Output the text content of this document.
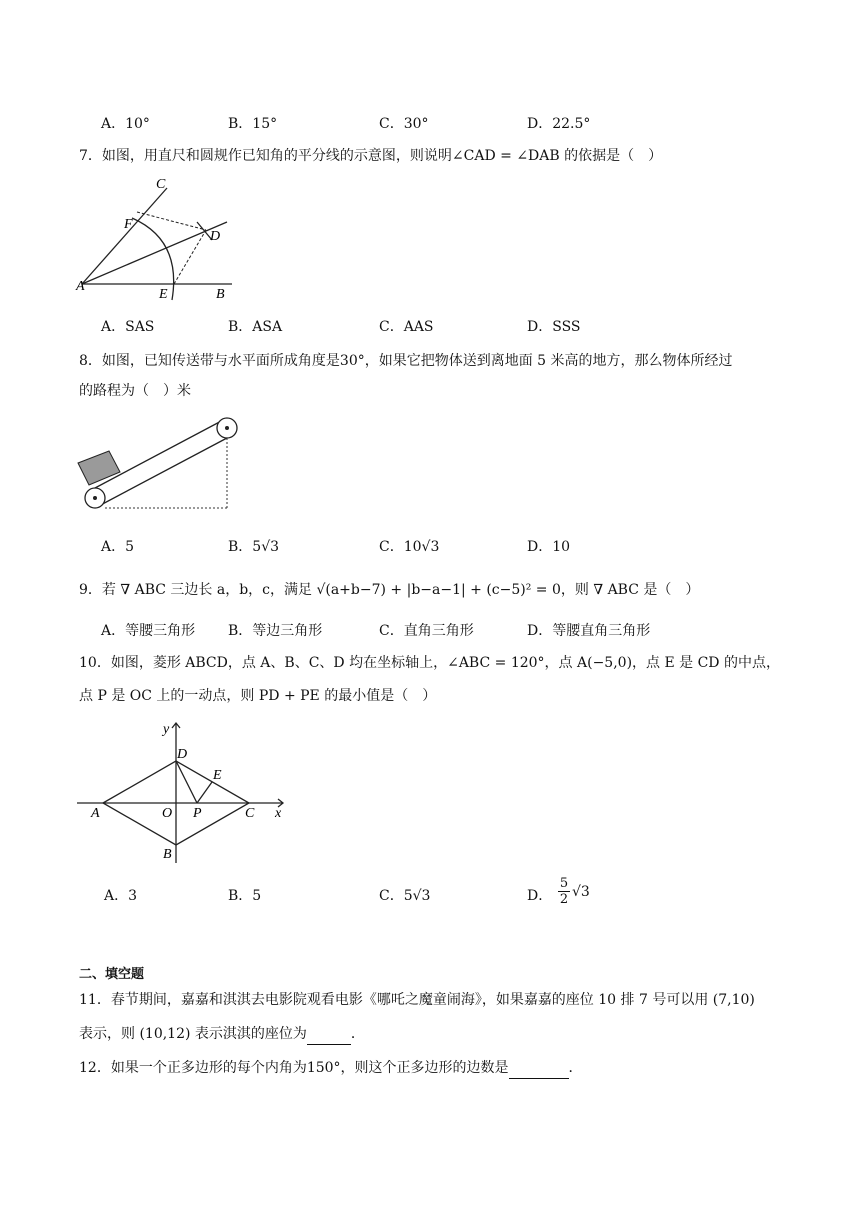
A．10°	B．15°	C．30°	D．22.5°
7．如图，用直尺和圆规作已知角的平分线的示意图，则说明∠CAD = ∠DAB 的依据是（　）
C
F
D
A
E	B
A．SAS	B．ASA	C．AAS	D．SSS
8．如图，已知传送带与水平面所成角度是30°，如果它把物体送到离地面 5 米高的地方，那么物体所经过
的路程为（　）米
A．5	B．5√3	C．10√3	D．10
9．若 ∇ ABC 三边长 a，b，c，满足 √(a+b−7) + |b−a−1| + (c−5)² = 0，则 ∇ ABC 是（　）
A．等腰三角形 B．等边三角形	C．直角三角形	D．等腰直角三角形
10．如图，菱形 ABCD，点 A、B、C、D 均在坐标轴上，∠ABC = 120°，点 A(−5,0)，点 E 是 CD 的中点，
点 P 是 OC 上的一动点，则 PD + PE 的最小值是（　）
D
y
E
A	O P	C x
B
A．3	B．5	C．5√3	D． $\frac{5}{2} √3$
二、填空题
11．春节期间，嘉嘉和淇淇去电影院观看电影《哪吒之魔童闹海》，如果嘉嘉的座位 10 排 7 号可以用 (7,10)
表示，则 (10,12) 表示淇淇的座位为	．
12．如果一个正多边形的每个内角为150°，则这个正多边形的边数是	．
